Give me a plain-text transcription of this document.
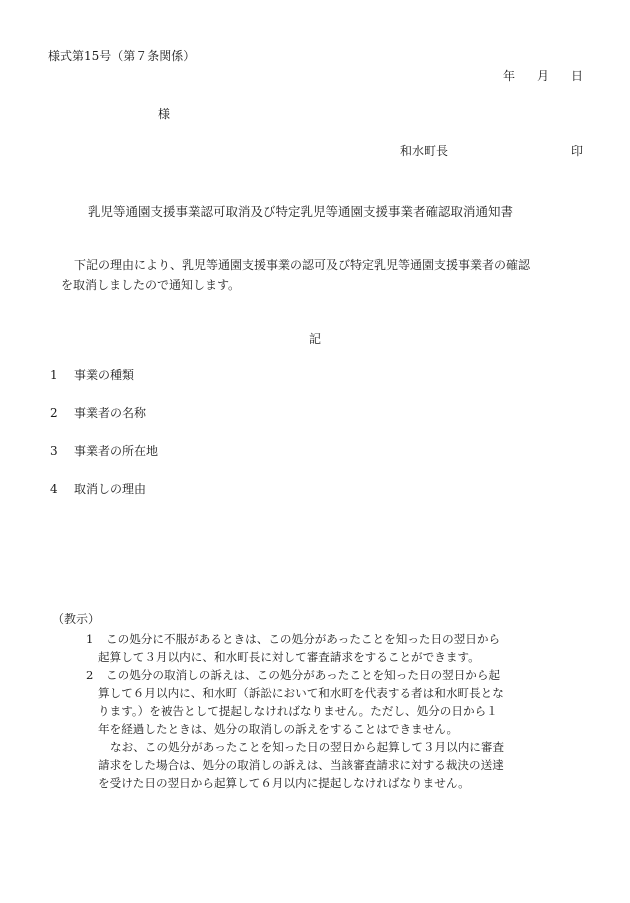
様式第15号（第７条関係）
年 月 日
様
和水町長	印
乳児等通園支援事業認可取消及び特定乳児等通園支援事業者確認取消通知書
下記の理由により、乳児等通園支援事業の認可及び特定乳児等通園支援事業者の確認
を取消しましたので通知します。
記
1	事業の種類
2	事業者の名称
3	事業者の所在地
4	取消しの理由
（教示）
1 この処分に不服があるときは、この処分があったことを知った日の翌日から
起算して３月以内に、和水町長に対して審査請求をすることができます。
2 この処分の取消しの訴えは、この処分があったことを知った日の翌日から起
算して６月以内に、和水町（訴訟において和水町を代表する者は和水町長とな
ります。）を被告として提起しなければなりません。ただし、処分の日から１
年を経過したときは、処分の取消しの訴えをすることはできません。
なお、この処分があったことを知った日の翌日から起算して３月以内に審査
請求をした場合は、処分の取消しの訴えは、当該審査請求に対する裁決の送達
を受けた日の翌日から起算して６月以内に提起しなければなりません。
